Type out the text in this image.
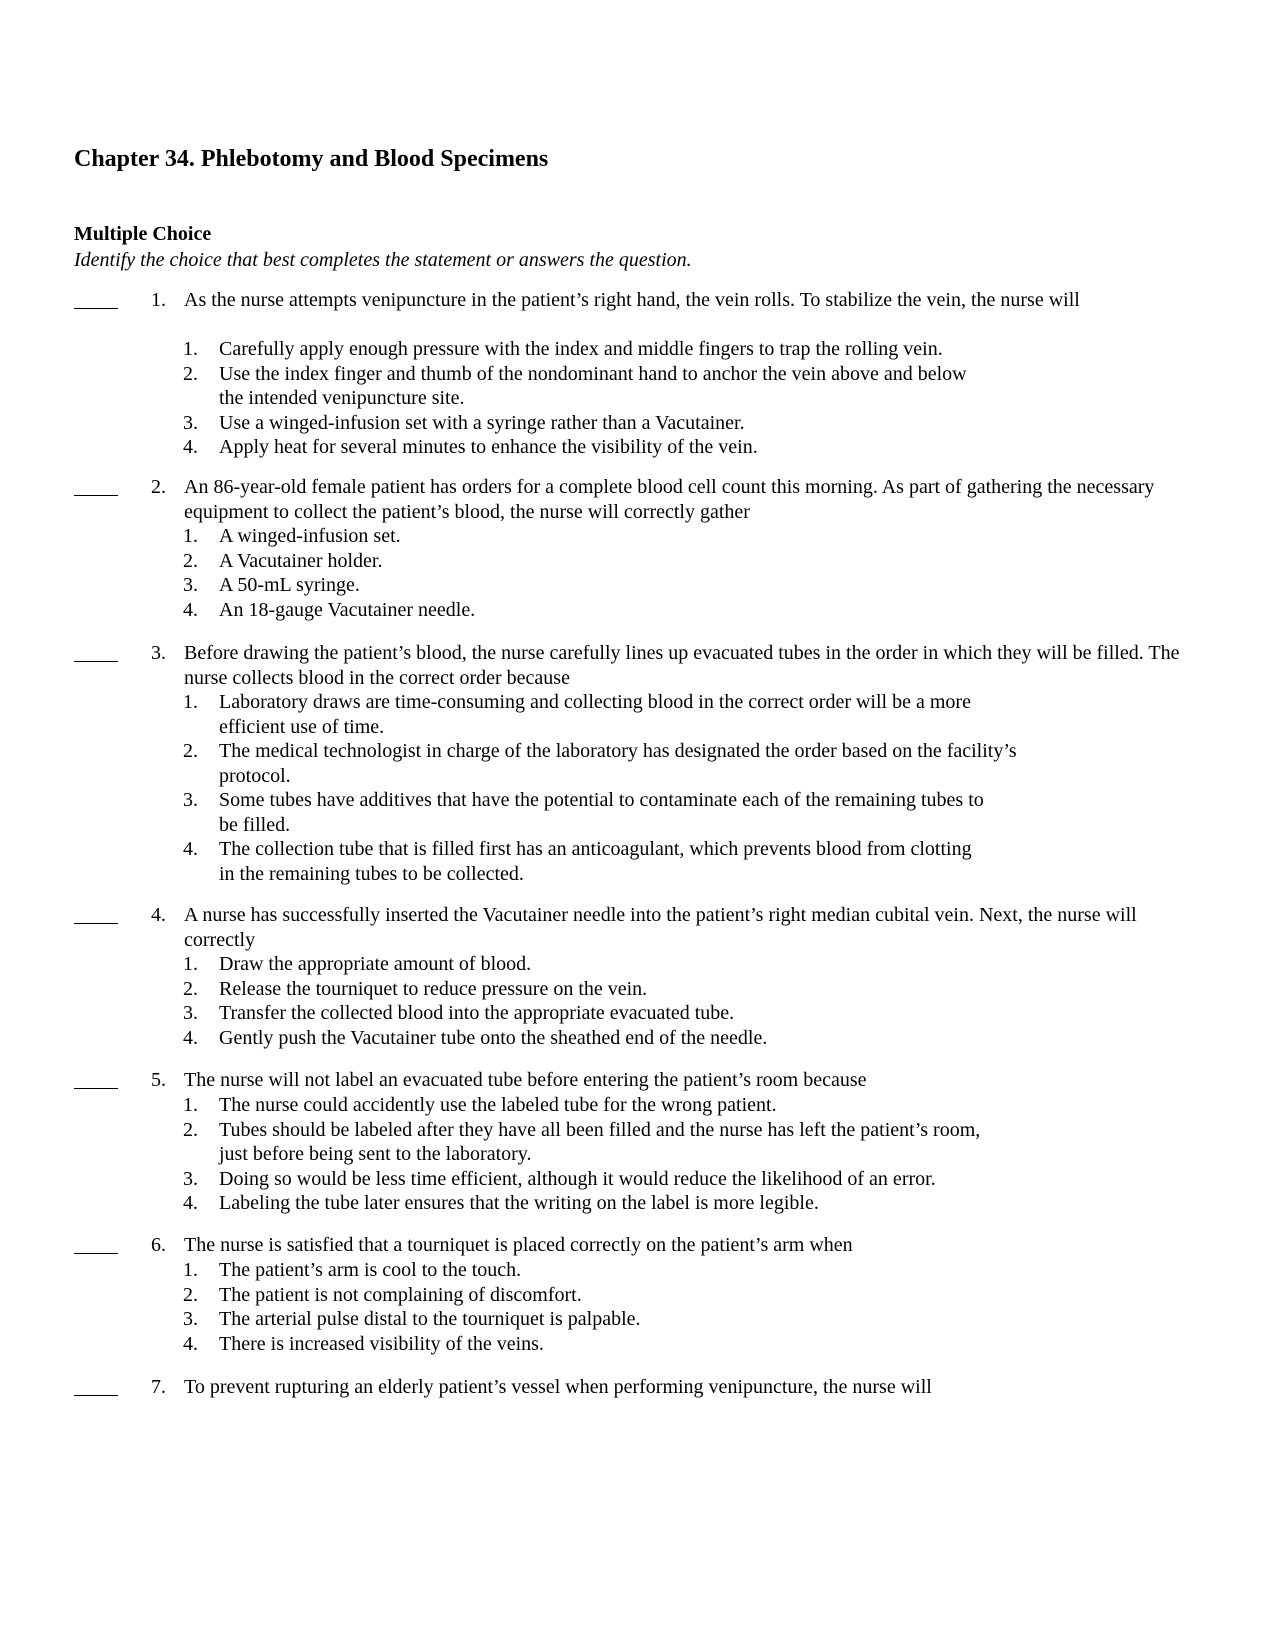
Chapter 34. Phlebotomy and Blood Specimens
Multiple Choice
Identify the choice that best completes the statement or answers the question.
1. As the nurse attempts venipuncture in the patient’s right hand, the vein rolls. To stabilize the vein, the nurse will
1. Carefully apply enough pressure with the index and middle fingers to trap the rolling vein.
2. Use the index finger and thumb of the nondominant hand to anchor the vein above and below the intended venipuncture site.
3. Use a winged-infusion set with a syringe rather than a Vacutainer.
4. Apply heat for several minutes to enhance the visibility of the vein.
2. An 86-year-old female patient has orders for a complete blood cell count this morning. As part of gathering the necessary equipment to collect the patient’s blood, the nurse will correctly gather
1. A winged-infusion set.
2. A Vacutainer holder.
3. A 50-mL syringe.
4. An 18-gauge Vacutainer needle.
3. Before drawing the patient’s blood, the nurse carefully lines up evacuated tubes in the order in which they will be filled. The nurse collects blood in the correct order because
1. Laboratory draws are time-consuming and collecting blood in the correct order will be a more efficient use of time.
2. The medical technologist in charge of the laboratory has designated the order based on the facility’s protocol.
3. Some tubes have additives that have the potential to contaminate each of the remaining tubes to be filled.
4. The collection tube that is filled first has an anticoagulant, which prevents blood from clotting in the remaining tubes to be collected.
4. A nurse has successfully inserted the Vacutainer needle into the patient’s right median cubital vein. Next, the nurse will correctly
1. Draw the appropriate amount of blood.
2. Release the tourniquet to reduce pressure on the vein.
3. Transfer the collected blood into the appropriate evacuated tube.
4. Gently push the Vacutainer tube onto the sheathed end of the needle.
5. The nurse will not label an evacuated tube before entering the patient’s room because
1. The nurse could accidently use the labeled tube for the wrong patient.
2. Tubes should be labeled after they have all been filled and the nurse has left the patient’s room, just before being sent to the laboratory.
3. Doing so would be less time efficient, although it would reduce the likelihood of an error.
4. Labeling the tube later ensures that the writing on the label is more legible.
6. The nurse is satisfied that a tourniquet is placed correctly on the patient’s arm when
1. The patient’s arm is cool to the touch.
2. The patient is not complaining of discomfort.
3. The arterial pulse distal to the tourniquet is palpable.
4. There is increased visibility of the veins.
7. To prevent rupturing an elderly patient’s vessel when performing venipuncture, the nurse will
